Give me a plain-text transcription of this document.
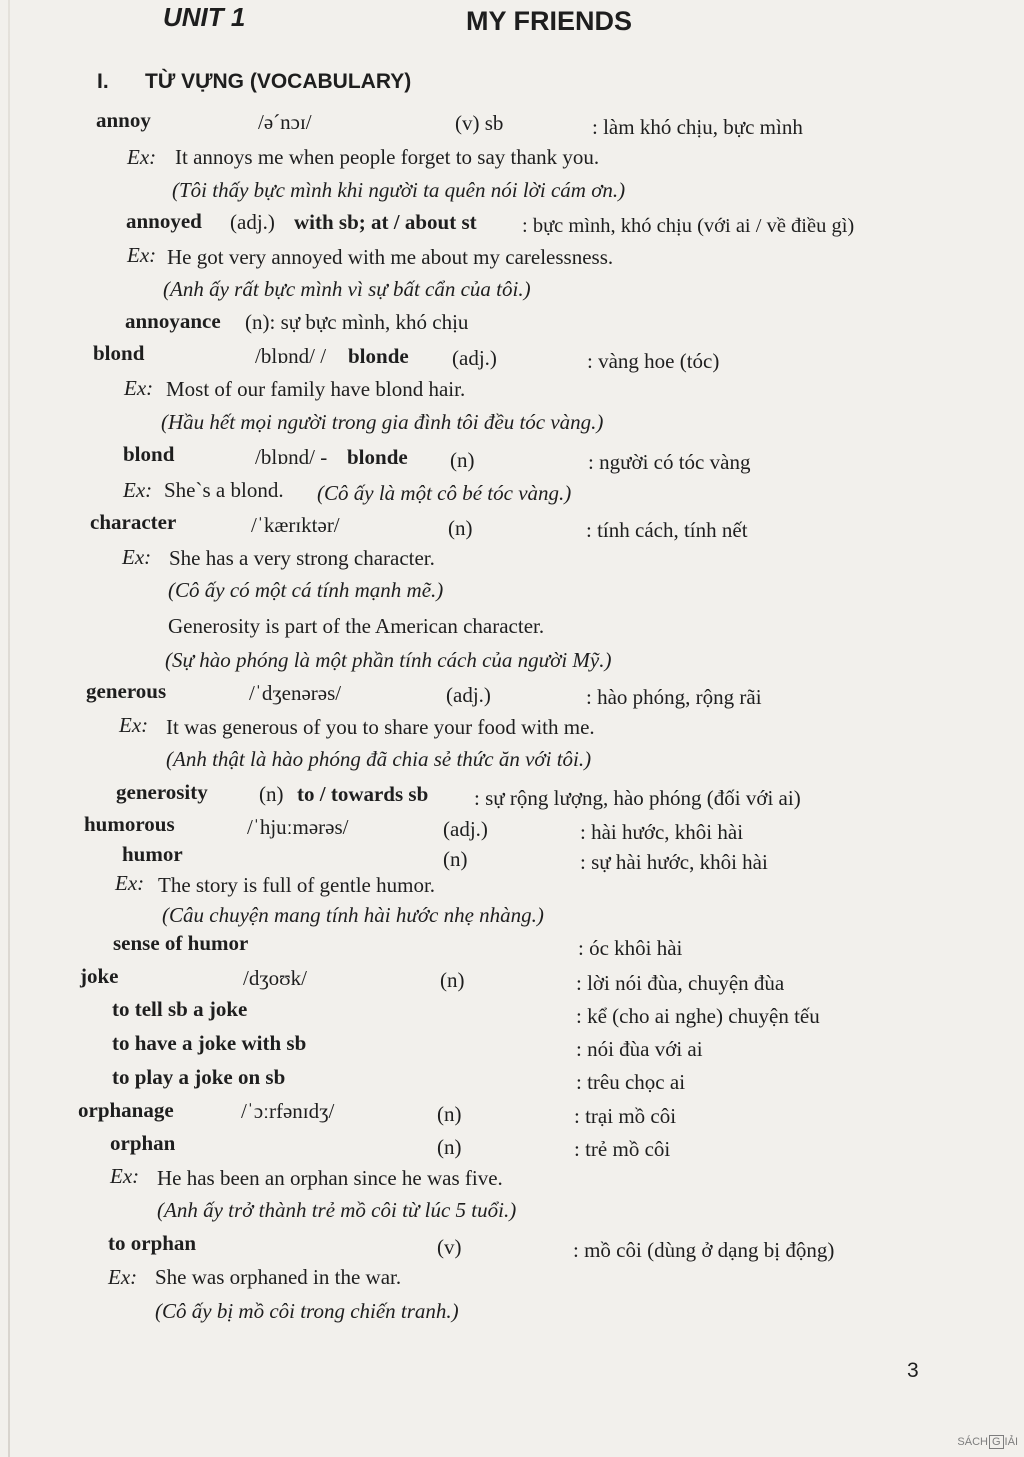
UNIT 1	MY FRIENDS
I. TỪ VỰNG (VOCABULARY)
annoy	/ə´nɔɪ/	(v) sb	: làm khó chịu, bực mình
Ex: It annoys me when people forget to say thank you.
(Tôi thấy bực mình khi người ta quên nói lời cám ơn.)
annoyed (adj.) with sb; at / about st : bực mình, khó chịu (với ai / về điều gì)
Ex: He got very annoyed with me about my carelessness.
(Anh ấy rất bực mình vì sự bất cẩn của tôi.)
annoyance (n): sự bực mình, khó chịu
blond	/blɒnd/ / blonde (adj.)	: vàng hoe (tóc)
Ex: Most of our family have blond hair.
(Hầu hết mọi người trong gia đình tôi đều tóc vàng.)
blond	/blɒnd/ - blonde (n)	: người có tóc vàng
Ex: She`s a blond. (Cô ấy là một cô bé tóc vàng.)
character	/ˈkærɪktər/	(n)	: tính cách, tính nết
Ex: She has a very strong character.
(Cô ấy có một cá tính mạnh mẽ.)
Generosity is part of the American character.
(Sự hào phóng là một phần tính cách của người Mỹ.)
generous	/ˈdʒenərəs/	(adj.)	: hào phóng, rộng rãi
Ex: It was generous of you to share your food with me.
(Anh thật là hào phóng đã chia sẻ thức ăn với tôi.)
generosity (n) to / towards sb : sự rộng lượng, hào phóng (đối với ai)
humorous	/ˈhjuːmərəs/	(adj.)	: hài hước, khôi hài
humor	(n)	: sự hài hước, khôi hài
Ex: The story is full of gentle humor.
(Câu chuyện mang tính hài hước nhẹ nhàng.)
sense of humor	: óc khôi hài
joke	/dʒoʊk/	(n)	: lời nói đùa, chuyện đùa
to tell sb a joke	: kể (cho ai nghe) chuyện tếu
to have a joke with sb	: nói đùa với ai
to play a joke on sb	: trêu chọc ai
orphanage	/ˈɔːrfənɪdʒ/	(n)	: trại mồ côi
orphan	(n)	: trẻ mồ côi
Ex: He has been an orphan since he was five.
(Anh ấy trở thành trẻ mồ côi từ lúc 5 tuổi.)
to orphan	(v)	: mồ côi (dùng ở dạng bị động)
Ex: She was orphaned in the war.
(Cô ấy bị mồ côi trong chiến tranh.)
3
SÁCH G IẢI
